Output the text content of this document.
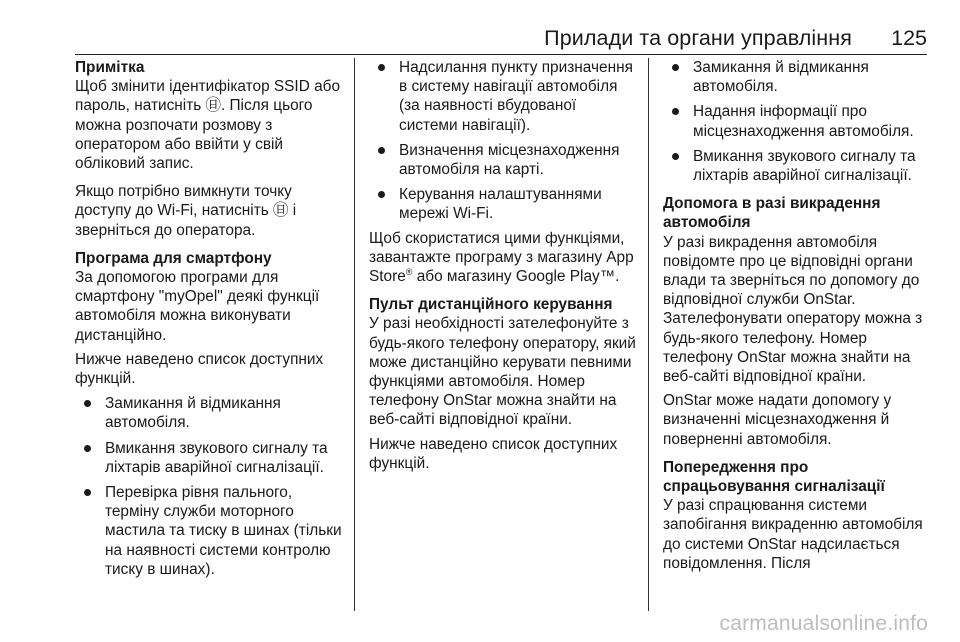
Прилади та органи управління 125

Примітка

Щоб змінити ідентифікатор SSID або пароль, натисніть ㊐. Після цього можна розпочати розмову з оператором або ввійти у свій обліковий запис.

Якщо потрібно вимкнути точку доступу до Wi-Fi, натисніть ㊐ і звернiться до оператора.

Програма для смартфону

За допомогою програми для смартфону "myOpel" деякі функції автомобіля можна виконувати дистанційно.

Нижче наведено список доступних функцій.

Замикання й відмикання автомобіля.
Вмикання звукового сигналу та ліхтарів аварійної сигналізації.
Перевірка рівня пального, терміну служби моторного мастила та тиску в шинах (тільки на наявності системи контролю тиску в шинах).
Надсилання пункту призначення в систему навігації автомобіля (за наявності вбудованої системи навігації).
Визначення місцезнаходження автомобіля на карті.
Керування налаштуваннями мережі Wi-Fi.

Щоб скористатися цими функціями, завантажте програму з магазину App Store® або магазину Google Play™.

Пульт дистанційного керування

У разі необхідності зателефонуйте з будь-якого телефону оператору, який може дистанційно керувати певними функціями автомобіля. Номер телефону OnStar можна знайти на веб-сайті відповідної країни.

Нижче наведено список доступних функцій.

Замикання й відмикання автомобіля.
Надання інформації про місцезнаходження автомобіля.
Вмикання звукового сигналу та ліхтарів аварійної сигналізації.

Допомога в разі викрадення автомобіля

У разі викрадення автомобіля повідомте про це відповідні органи влади та зверніться по допомогу до відповідної служби OnStar. Зателефонувати оператору можна з будь-якого телефону. Номер телефону OnStar можна знайти на веб-сайті відповідної країни.

OnStar може надати допомогу у визначенні місцезнаходження й поверненні автомобіля.

Попередження про спрацьовування сигналізації

У разі спрацювання системи запобігання викраденню автомобіля до системи OnStar надсилається повідомлення. Після

carmanualsonline.info
